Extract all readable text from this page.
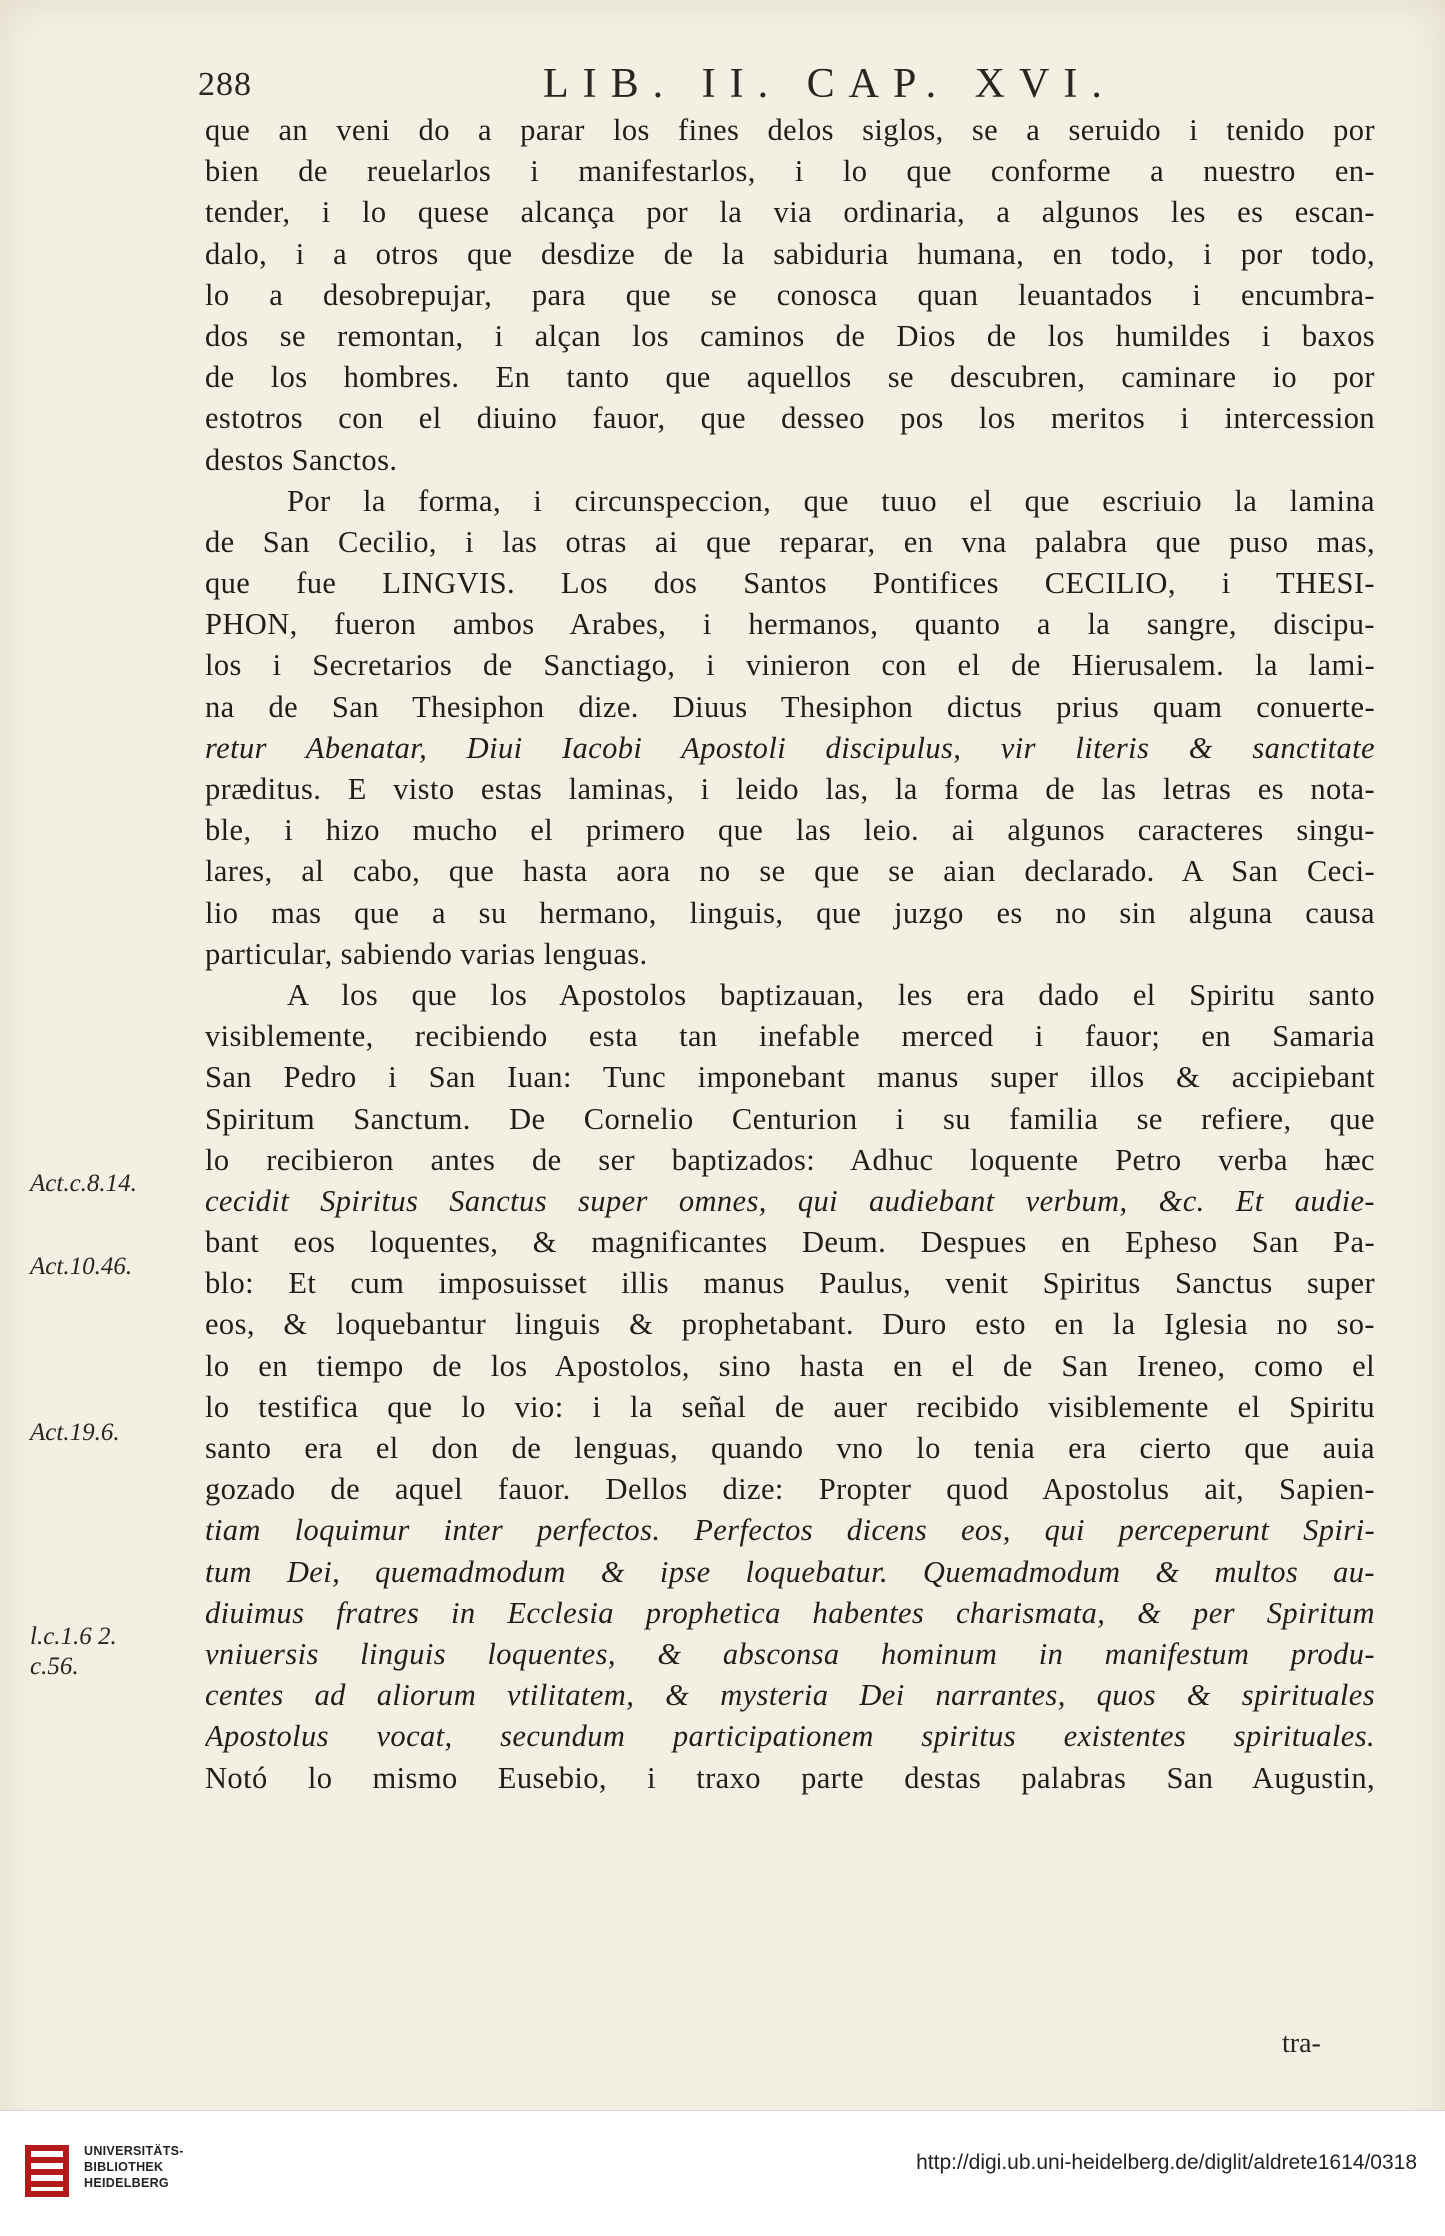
288	LIB. II. CAP. XVI.
que an veni do a parar los fines delos siglos, se a seruido i tenido por
bien de reuelarlos i manifestarlos, i lo que conforme a nuestro en-
tender, i lo quese alcança por la via ordinaria, a algunos les es escan-
dalo, i a otros que desdize de la sabiduria humana, en todo, i por todo,
lo a desobrepujar, para que se conosca quan leuantados i encumbra-
dos se remontan, i alçan los caminos de Dios de los humildes i baxos
de los hombres. En tanto que aquellos se descubren, caminare io por
estotros con el diuino fauor, que desseo pos los meritos i intercession
destos Sanctos.
Por la forma, i circunspeccion, que tuuo el que escriuio la lamina
de San Cecilio, i las otras ai que reparar, en vna palabra que puso mas,
que fue LINGVIS. Los dos Santos Pontifices CECILIO, i THESI-
PHON, fueron ambos Arabes, i hermanos, quanto a la sangre, discipu-
los i Secretarios de Sanctiago, i vinieron con el de Hierusalem. la lami-
na de San Thesiphon dize. Diuus Thesiphon dictus prius quam conuerte-
retur Abenatar, Diui Iacobi Apostoli discipulus, vir literis & sanctitate
præditus. E visto estas laminas, i leido las, la forma de las letras es nota-
ble, i hizo mucho el primero que las leio. ai algunos caracteres singu-
lares, al cabo, que hasta aora no se que se aian declarado. A San Ceci-
lio mas que a su hermano, linguis, que juzgo es no sin alguna causa
particular, sabiendo varias lenguas.
A los que los Apostolos baptizauan, les era dado el Spiritu santo
visiblemente, recibiendo esta tan inefable merced i fauor; en Samaria
San Pedro i San Iuan: Tunc imponebant manus super illos & accipiebant
Spiritum Sanctum. De Cornelio Centurion i su familia se refiere, que
lo recibieron antes de ser baptizados: Adhuc loquente Petro verba hæc
cecidit Spiritus Sanctus super omnes, qui audiebant verbum, &c. Et audie-
bant eos loquentes, & magnificantes Deum. Despues en Epheso San Pa-
blo: Et cum imposuisset illis manus Paulus, venit Spiritus Sanctus super
eos, & loquebantur linguis & prophetabant. Duro esto en la Iglesia no so-
lo en tiempo de los Apostolos, sino hasta en el de San Ireneo, como el
lo testifica que lo vio: i la señal de auer recibido visiblemente el Spiritu
santo era el don de lenguas, quando vno lo tenia era cierto que auia
gozado de aquel fauor. Dellos dize: Propter quod Apostolus ait, Sapien-
tiam loquimur inter perfectos. Perfectos dicens eos, qui perceperunt Spiri-
tum Dei, quemadmodum & ipse loquebatur. Quemadmodum & multos au-
diuimus fratres in Ecclesia prophetica habentes charismata, & per Spiritum
vniuersis linguis loquentes, & absconsa hominum in manifestum produ-
centes ad aliorum vtilitatem, & mysteria Dei narrantes, quos & spirituales
Apostolus vocat, secundum participationem spiritus existentes spirituales.
Notó lo mismo Eusebio, i traxo parte destas palabras San Augustin,
Act.c.8.14.
Act.10.46.
Act.19.6.
l.c.1.6 2.
c.56.
tra-
UNIVERSITÄTS-
BIBLIOTHEK
HEIDELBERG
http://digi.ub.uni-heidelberg.de/diglit/aldrete1614/0318
